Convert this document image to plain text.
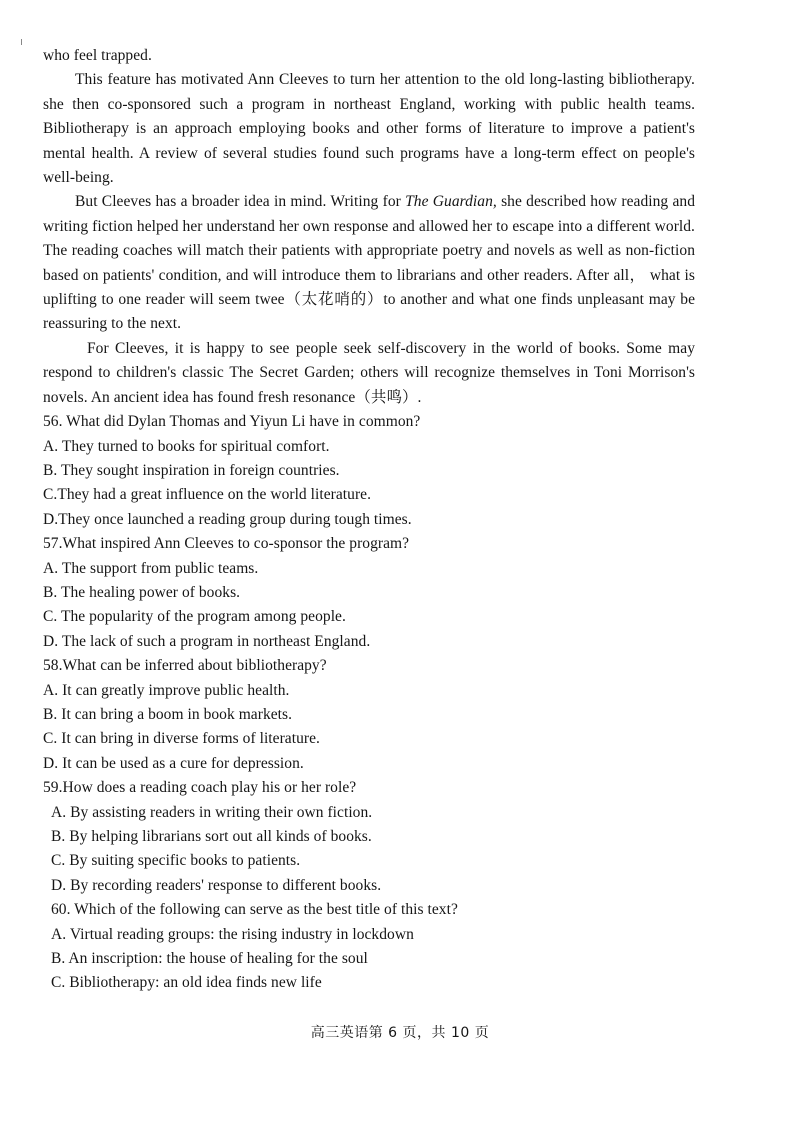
who feel trapped.

This feature has motivated Ann Cleeves to turn her attention to the old long-lasting bibliotherapy. she then co-sponsored such a program in northeast England, working with public health teams. Bibliotherapy is an approach employing books and other forms of literature to improve a patient's mental health. A review of several studies found such programs have a long-term effect on people's well-being.

But Cleeves has a broader idea in mind. Writing for The Guardian, she described how reading and writing fiction helped her understand her own response and allowed her to escape into a different world. The reading coaches will match their patients with appropriate poetry and novels as well as non-fiction based on patients' condition, and will introduce them to librarians and other readers. After all， what is uplifting to one reader will seem twee（太花哨的）to another and what one finds unpleasant may be reassuring to the next.

For Cleeves, it is happy to see people seek self-discovery in the world of books. Some may respond to children's classic The Secret Garden; others will recognize themselves in Toni Morrison's novels. An ancient idea has found fresh resonance（共鸣）.

56. What did Dylan Thomas and Yiyun Li have in common?

A. They turned to books for spiritual comfort.

B. They sought inspiration in foreign countries.

C.They had a great influence on the world literature.

D.They once launched a reading group during tough times.

57.What inspired Ann Cleeves to co-sponsor the program?

A. The support from public teams.

B. The healing power of books.

C. The popularity of the program among people.

D. The lack of such a program in northeast England.

58.What can be inferred about bibliotherapy?

A. It can greatly improve public health.

B. It can bring a boom in book markets.

C. It can bring in diverse forms of literature.

D. It can be used as a cure for depression.

59.How does a reading coach play his or her role?

A. By assisting readers in writing their own fiction.

B. By helping librarians sort out all kinds of books.

C. By suiting specific books to patients.

D. By recording readers' response to different books.

60. Which of the following can serve as the best title of this text?

A. Virtual reading groups: the rising industry in lockdown

B. An inscription: the house of healing for the soul

C. Bibliotherapy: an old idea finds new life

高三英语第 6 页，共 10 页
